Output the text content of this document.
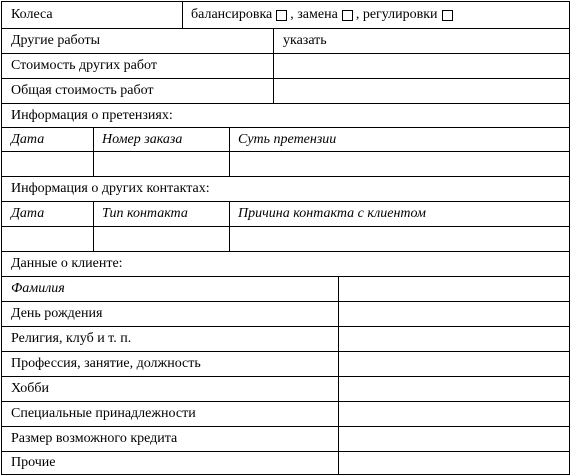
Колеса	балансировка , замена , регулировки
Другие работы	указать
Стоимость других работ
Общая стоимость работ
Информация о претензиях:
Дата	Номер заказа	Суть претензии
Информация о других контактах:
Дата	Тип контакта	Причина контакта с клиентом
Данные о клиенте:
Фамилия
День рождения
Религия, клуб и т. п.
Профессия, занятие, должность
Хобби
Специальные принадлежности
Размер возможного кредита
Прочие
